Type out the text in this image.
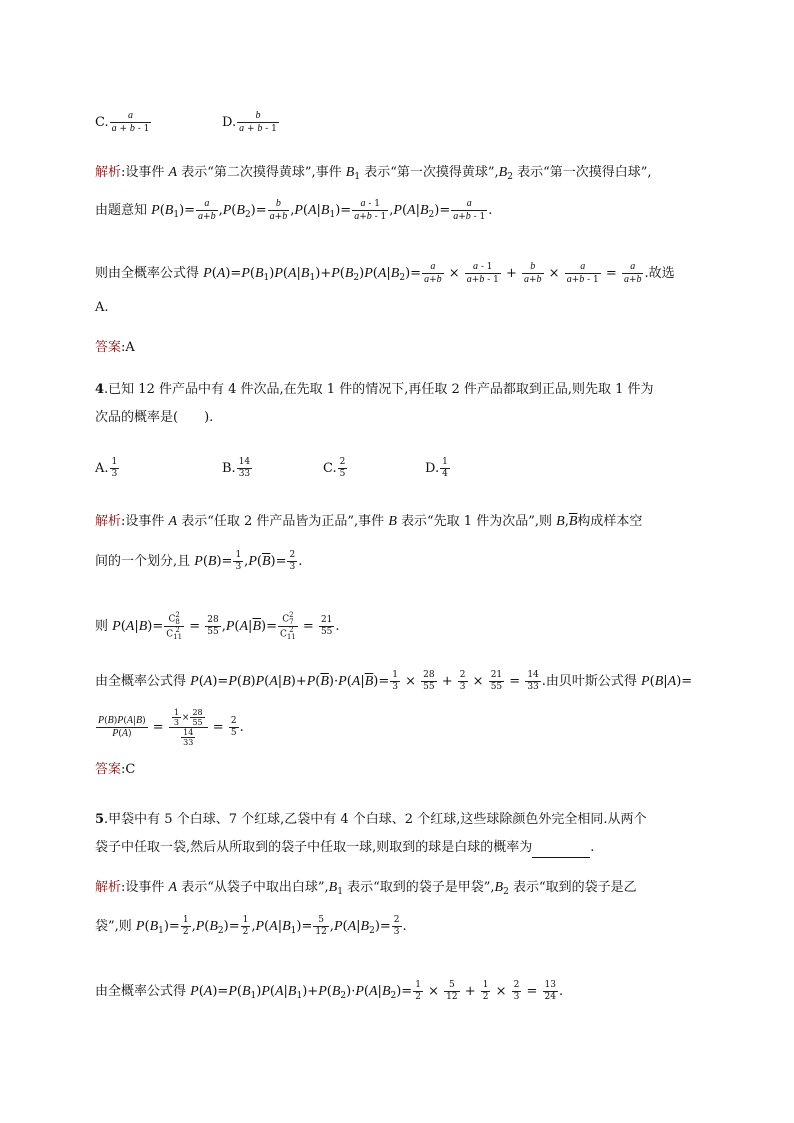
C. $\frac{a}{a + b - 1}$	D. $\frac{b}{a + b - 1}$
解析:设事件 A 表示“第二次摸得黄球”,事件 $B_1$ 表示“第一次摸得黄球$”,B_2$ 表示“第一次摸得白球”,
由题意知 $P(B_1)= \frac{a}{a+b} ,P(B_2)= \frac{b}{a+b} ,P(A|B_1)= \frac{a - 1}{a+b - 1} ,P(A|B_2)= \frac{a}{a+b - 1}$ .
则由全概率公式得 $P(A)=P(B_1)P(A|B_1)+P(B_2)P(A|B_2)= \frac{a}{a+b} \times \frac{a - 1}{a+b - 1} + \frac{b}{a+b} \times \frac{a}{a+b - 1} = \frac{a}{a+b}$ .故选
A.
答案:A
4.已知 12 件产品中有 4 件次品,在先取 1 件的情况下,再任取 2 件产品都取到正品,则先取 1 件为
次品的概率是(　　).
A. $\frac{1}{3}$	B. $\frac{14}{33}$	C. $\frac{2}{5}$	D. $\frac{1}{4}$
解析:设事件 A 表示“任取 2 件产品皆为正品”,事件 B 表示“先取 1 件为次品”,则 $B,\overline{B}$构成样本空
间的一个划分,且 $P(B)= \frac{1}{3} ,P(\overline{B})= \frac{2}{3}$ .
则 P(A|B)= C 2
8
C 2
$11 = \frac{28}{55} ,P(A|\overline{B})= C$ 2
7
C 2
$11 = \frac{21}{55}$ .
由全概率公式得 $P(A)=P(B)P(A|B)+P(\overline{B})\cdot P(A|\overline{B})= \frac{1}{3} \times \frac{28}{55} + \frac{2}{3} \times \frac{21}{55} = \frac{14}{33}$ .由贝叶斯公式得 P(B|A)=
$\frac{P(B)P(A|B)}{P(A)} = \frac{\frac{1}{3} \times \frac{28}{55}}{\frac{14}{33}} = \frac{2}{5}$ .
答案:C
5.甲袋中有 5 个白球、7 个红球,乙袋中有 4 个白球、2 个红球,这些球除颜色外完全相同.从两个
袋子中任取一袋,然后从所取到的袋子中任取一球,则取到的球是白球的概率为	.
解析:设事件 A 表示“从袋子中取出白球$”,B_1$ 表示“取到的袋子是甲袋$”,B_2$ 表示“取到的袋子是乙
袋”,则 $P(B_1)= \frac{1}{2} ,P(B_2)= \frac{1}{2} ,P(A|B_1)= \frac{5}{12} ,P(A|B_2)= \frac{2}{3}$ .
由全概率公式得 $P(A)=P(B_1)P(A|B_1)+P(B_2)\cdot P(A|B_2)= \frac{1}{2} \times \frac{5}{12} + \frac{1}{2} \times \frac{2}{3} = \frac{13}{24}$ .
